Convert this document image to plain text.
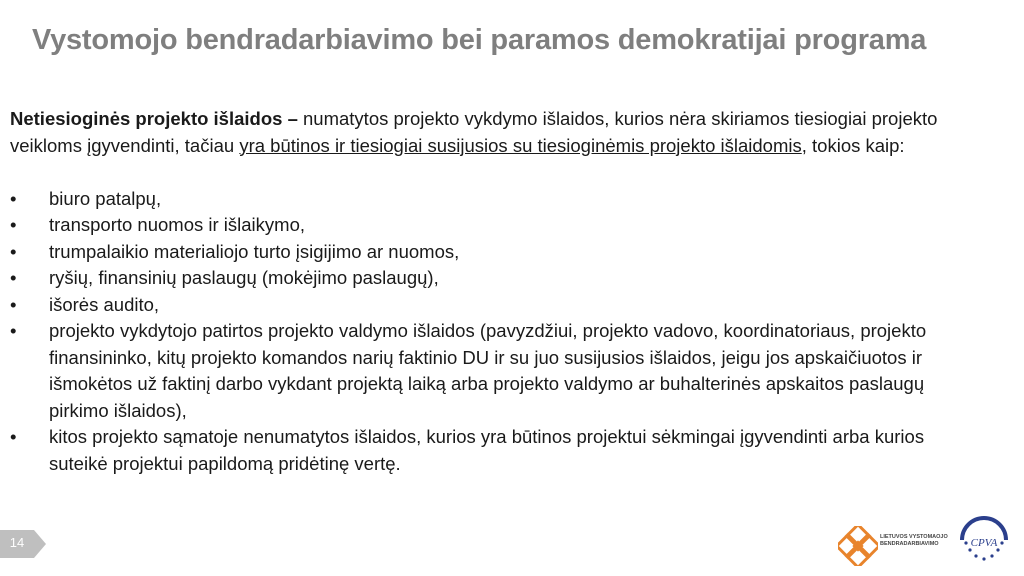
Vystomojo bendradarbiavimo bei paramos demokratijai programa

Netiesioginės projekto išlaidos – numatytos projekto vykdymo išlaidos, kurios nėra skiriamos tiesiogiai projekto veikloms įgyvendinti, tačiau yra būtinos ir tiesiogiai susijusios su tiesioginėmis projekto išlaidomis, tokios kaip:

• biuro patalpų,
• transporto nuomos ir išlaikymo,
• trumpalaikio materialiojo turto įsigijimo ar nuomos,
• ryšių, finansinių paslaugų (mokėjimo paslaugų),
• išorės audito,
• projekto vykdytojo patirtos projekto valdymo išlaidos (pavyzdžiui, projekto vadovo, koordinatoriaus, projekto finansininko, kitų projekto komandos narių faktinio DU ir su juo susijusios išlaidos, jeigu jos apskaičiuotos ir išmokėtos už faktinį darbo vykdant projektą laiką arba projekto valdymo ar buhalterinės apskaitos paslaugų pirkimo išlaidos),
• kitos projekto sąmatoje nenumatytos išlaidos, kurios yra būtinos projektui sėkmingai įgyvendinti arba kurios suteikė projektui papildomą pridėtinę vertę.
14	LIETUVOS VYSTOMAOJO BENDRADARBIAVIMO	CPVA
